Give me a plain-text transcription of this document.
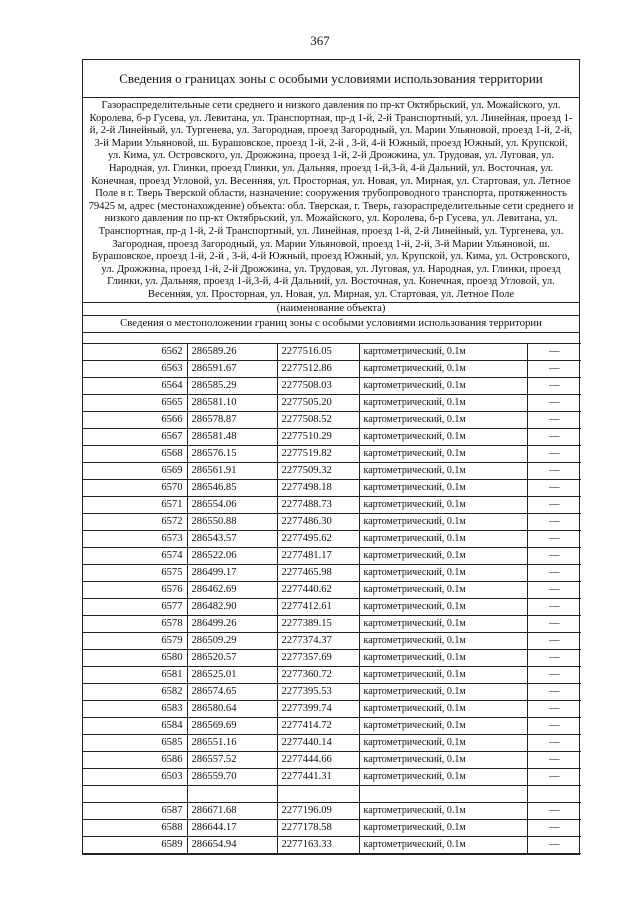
367
Сведения о границах зоны с особыми условиями использования территории
Газораспределительные сети среднего и низкого давления по пр-кт Октябрьский, ул. Можайского, ул. Королева, б-р Гусева, ул. Левитана, ул. Транспортная, пр-д 1-й, 2-й Транспортный, ул. Линейная, проезд 1-й, 2-й Линейный, ул. Тургенева, ул. Загородная, проезд Загородный, ул. Марии Ульяновой, проезд 1-й, 2-й, 3-й Марии Ульяновой, ш. Бурашовское, проезд 1-й, 2-й , 3-й, 4-й Южный, проезд Южный, ул. Крупской, ул. Кима, ул. Островского, ул. Дрожжина, проезд 1-й, 2-й Дрожжина, ул. Трудовая, ул. Луговая, ул. Народная, ул. Глинки, проезд Глинки, ул. Дальняя, проезд 1-й,3-й, 4-й Дальний, ул. Восточная, ул. Конечная, проезд Угловой, ул. Весенняя, ул. Просторная, ул. Новая, ул. Мирная, ул. Стартовая, ул. Летное Поле в г. Тверь Тверской области, назначение: сооружения трубопроводного транспорта, протяженность 79425 м, адрес (местонахождение) объекта: обл. Тверская, г. Тверь, газораспределительные сети среднего и низкого давления по пр-кт Октябрьский, ул. Можайского, ул. Королева, б-р Гусева, ул. Левитана, ул. Транспортная, пр-д 1-й, 2-й Транспортный, ул. Линейная, проезд 1-й, 2-й Линейный, ул. Тургенева, ул. Загородная, проезд Загородный, ул. Марии Ульяновой, проезд 1-й, 2-й, 3-й Марии Ульяновой, ш. Бурашовское, проезд 1-й, 2-й , 3-й, 4-й Южный, проезд Южный, ул. Крупской, ул. Кима, ул. Островского, ул. Дрожжина, проезд 1-й, 2-й Дрожжина, ул. Трудовая, ул. Луговая, ул. Народная, ул. Глинки, проезд Глинки, ул. Дальняя, проезд 1-й,3-й, 4-й Дальний, ул. Восточная, ул. Конечная, проезд Угловой, ул. Весенняя, ул. Просторная, ул. Новая, ул. Мирная, ул. Стартовая, ул. Летное Поле
(наименование объекта)
Сведения о местоположении границ зоны с особыми условиями использования территории
6562	286589.26	2277516.05	картометрический, 0.1м	—
6563	286591.67	2277512.86	картометрический, 0.1м	—
6564	286585.29	2277508.03	картометрический, 0.1м	—
6565	286581.10	2277505.20	картометрический, 0.1м	—
6566	286578.87	2277508.52	картометрический, 0.1м	—
6567	286581.48	2277510.29	картометрический, 0.1м	—
6568	286576.15	2277519.82	картометрический, 0.1м	—
6569	286561.91	2277509.32	картометрический, 0.1м	—
6570	286546.85	2277498.18	картометрический, 0.1м	—
6571	286554.06	2277488.73	картометрический, 0.1м	—
6572	286550.88	2277486.30	картометрический, 0.1м	—
6573	286543.57	2277495.62	картометрический, 0.1м	—
6574	286522.06	2277481.17	картометрический, 0.1м	—
6575	286499.17	2277465.98	картометрический, 0.1м	—
6576	286462.69	2277440.62	картометрический, 0.1м	—
6577	286482.90	2277412.61	картометрический, 0.1м	—
6578	286499.26	2277389.15	картометрический, 0.1м	—
6579	286509.29	2277374.37	картометрический, 0.1м	—
6580	286520.57	2277357.69	картометрический, 0.1м	—
6581	286525.01	2277360.72	картометрический, 0.1м	—
6582	286574.65	2277395.53	картометрический, 0.1м	—
6583	286580.64	2277399.74	картометрический, 0.1м	—
6584	286569.69	2277414.72	картометрический, 0.1м	—
6585	286551.16	2277440.14	картометрический, 0.1м	—
6586	286557.52	2277444.66	картометрический, 0.1м	—
6503	286559.70	2277441.31	картометрический, 0.1м	—

6587	286671.68	2277196.09	картометрический, 0.1м	—
6588	286644.17	2277178.58	картометрический, 0.1м	—
6589	286654.94	2277163.33	картометрический, 0.1м	—
